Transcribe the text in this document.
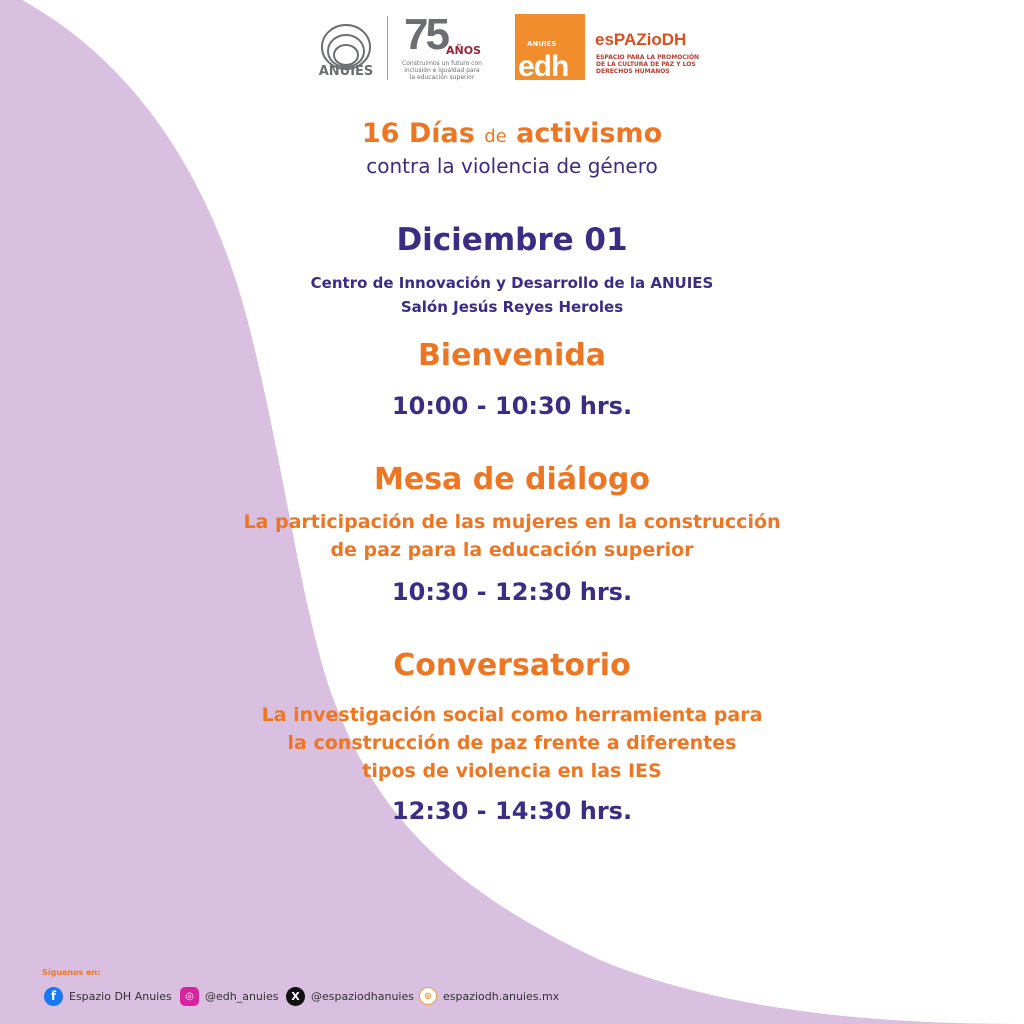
ANUIES
75 AÑOS
Construimos un futuro con inclusión e igualdad para la educación superior
ANUIES
edh
esPAZioDH
ESPACIO PARA LA PROMOCIÓN DE LA CULTURA DE PAZ Y LOS DERECHOS HUMANOS
16 Días de activismo
contra la violencia de género
Diciembre 01
Centro de Innovación y Desarrollo de la ANUIES
Salón Jesús Reyes Heroles
Bienvenida
10:00 - 10:30 hrs.
Mesa de diálogo
La participación de las mujeres en la construcción
de paz para la educación superior
10:30 - 12:30 hrs.
Conversatorio
La investigación social como herramienta para
la construcción de paz frente a diferentes
tipos de violencia en las IES
12:30 - 14:30 hrs.
Síguenos en:
f	Espazio DH Anuies	◎	@edh_anuies	X	@espaziodhanuies ⊕ espaziodh.anuies.mx
